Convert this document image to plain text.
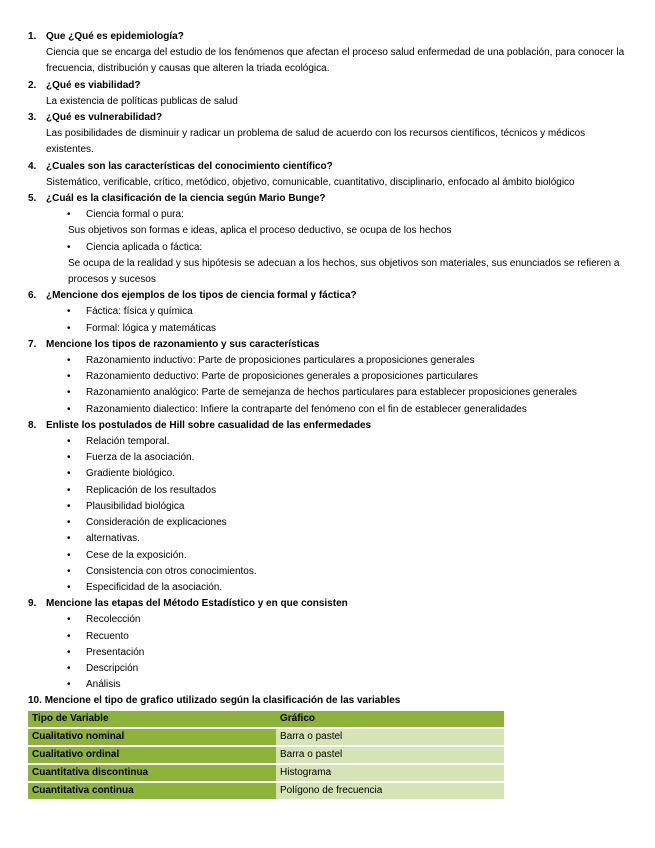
1. Que ¿Qué es epidemiología?
Ciencia que se encarga del estudio de los fenómenos que afectan el proceso salud enfermedad de una población, para conocer la frecuencia, distribución y causas que alteren la triada ecológica.
2. ¿Qué es viabilidad?
La existencia de políticas publicas de salud
3. ¿Qué es vulnerabilidad?
Las posibilidades de disminuir y radicar un problema de salud de acuerdo con los recursos científicos, técnicos y médicos existentes.
4. ¿Cuales son las características del conocimiento científico?
Sistemático, verificable, crítico, metódico, objetivo, comunicable, cuantitativo, disciplinario, enfocado al ámbito biológico
5. ¿Cuál es la clasificación de la ciencia según Mario Bunge?
• Ciencia formal o pura:
Sus objetivos son formas e ideas, aplica el proceso deductivo, se ocupa de los hechos
• Ciencia aplicada o fáctica:
Se ocupa de la realidad y sus hipótesis se adecuan a los hechos, sus objetivos son materiales, sus enunciados se refieren a procesos y sucesos
6. ¿Mencione dos ejemplos de los tipos de ciencia formal y fáctica?
• Fáctica: física y química
• Formal: lógica y matemáticas
7. Mencione los tipos de razonamiento y sus características
• Razonamiento inductivo: Parte de proposiciones particulares a proposiciones generales
• Razonamiento deductivo: Parte de proposiciones generales a proposiciones particulares
• Razonamiento analógico: Parte de semejanza de hechos particulares para establecer proposiciones generales
• Razonamiento dialectico: Infiere la contraparte del fenómeno con el fin de establecer generalidades
8. Enliste los postulados de Hill sobre casualidad de las enfermedades
• Relación temporal.
• Fuerza de la asociación.
• Gradiente biológico.
• Replicación de los resultados
• Plausibilidad biológica
• Consideración de explicaciones
• alternativas.
• Cese de la exposición.
• Consistencia con otros conocimientos.
• Especificidad de la asociación.
9. Mencione las etapas del Método Estadístico y en que consisten
• Recolección
• Recuento
• Presentación
• Descripción
• Análisis
10. Mencione el tipo de grafico utilizado según la clasificación de las variables
Tipo de Variable	Gráfico
Cualitativo nominal	Barra o pastel
Cualitativo ordinal	Barra o pastel
Cuantitativa discontinua	Histograma
Cuantitativa continua	Polígono de frecuencia
